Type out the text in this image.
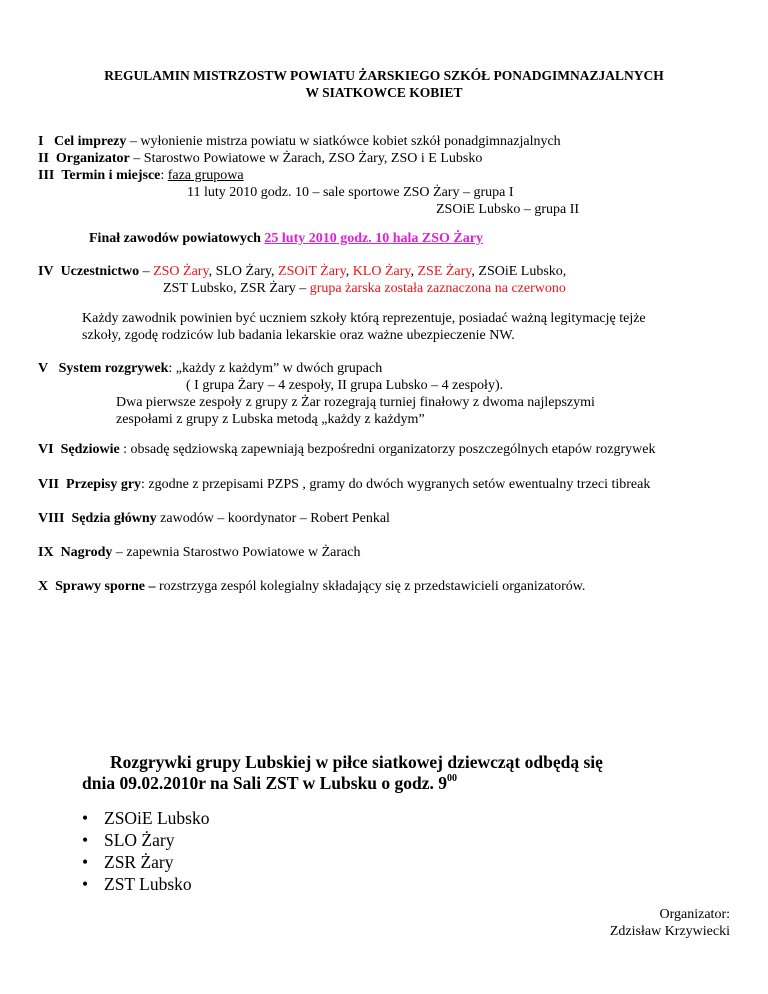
REGULAMIN MISTRZOSTW POWIATU ŻARSKIEGO SZKÓŁ PONADGIMNAZJALNYCH
W SIATKOWCE KOBIET
I Cel imprezy – wyłonienie mistrza powiatu w siatkówce kobiet szkół ponadgimnazjalnych
II Organizator – Starostwo Powiatowe w Żarach, ZSO Żary, ZSO i E Lubsko
III Termin i miejsce: faza grupowa
11 luty 2010 godz. 10 – sale sportowe ZSO Żary – grupa I
ZSOiE Lubsko – grupa II
Finał zawodów powiatowych 25 luty 2010 godz. 10 hala ZSO Żary
IV Uczestnictwo – ZSO Żary, SLO Żary, ZSOiT Żary, KLO Żary, ZSE Żary, ZSOiE Lubsko,
ZST Lubsko, ZSR Żary – grupa żarska została zaznaczona na czerwono
Każdy zawodnik powinien być uczniem szkoły którą reprezentuje, posiadać ważną legitymację tejże
szkoły, zgodę rodziców lub badania lekarskie oraz ważne ubezpieczenie NW.
V System rozgrywek: „każdy z każdym” w dwóch grupach
( I grupa Żary – 4 zespoły, II grupa Lubsko – 4 zespoły).
Dwa pierwsze zespoły z grupy z Żar rozegrają turniej finałowy z dwoma najlepszymi
zespołami z grupy z Lubska metodą „każdy z każdym”
VI Sędziowie : obsadę sędziowską zapewniają bezpośredni organizatorzy poszczególnych etapów rozgrywek
VII Przepisy gry: zgodne z przepisami PZPS , gramy do dwóch wygranych setów ewentualny trzeci tibreak
VIII Sędzia główny zawodów – koordynator – Robert Penkal
IX Nagrody – zapewnia Starostwo Powiatowe w Żarach
X Sprawy sporne – rozstrzyga zespól kolegialny składający się z przedstawicieli organizatorów.
Rozgrywki grupy Lubskiej w piłce siatkowej dziewcząt odbędą się
dnia 09.02.2010r na Sali ZST w Lubsku o godz. $9^{00}$
• ZSOiE Lubsko
• SLO Żary
• ZSR Żary
• ZST Lubsko
Organizator:
Zdzisław Krzywiecki
